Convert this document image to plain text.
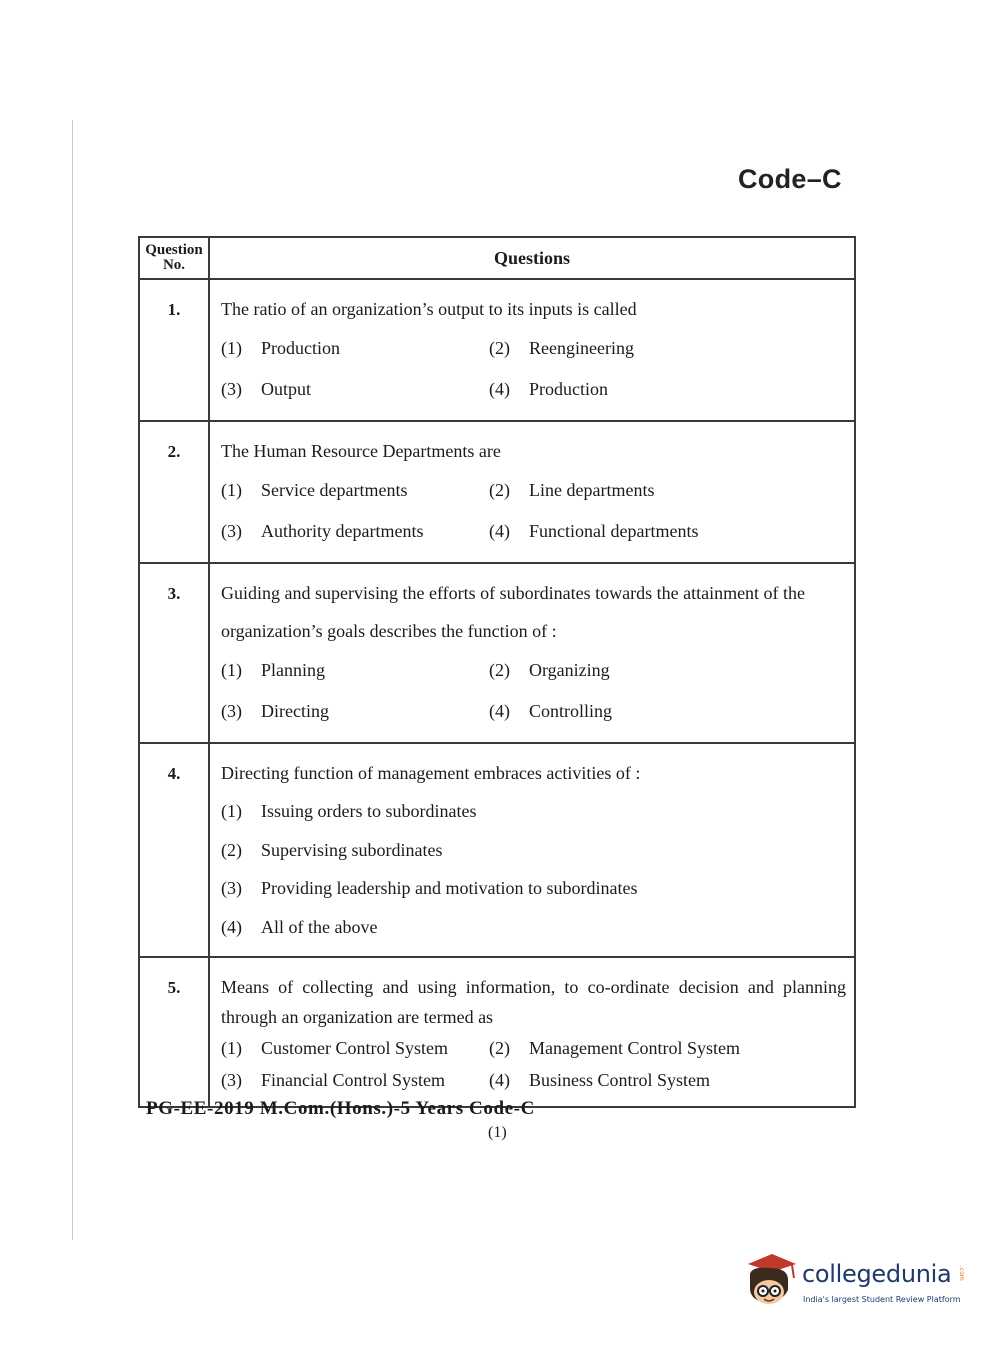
Code–C
Question No.	Questions
1.	The ratio of an organization’s output to its inputs is called
(1) Production (2) Reengineering
(3) Output (4) Production

2.	The Human Resource Departments are
(1) Service departments (2) Line departments
(3) Authority departments (4) Functional departments

3.	Guiding and supervising the efforts of subordinates towards the attainment of the organization’s goals describes the function of :
(1) Planning (2) Organizing
(3) Directing (4) Controlling

4.	Directing function of management embraces activities of :
(1) Issuing orders to subordinates
(2) Supervising subordinates
(3) Providing leadership and motivation to subordinates
(4) All of the above

5.	Means of collecting and using information, to co-ordinate decision and planning through an organization are termed as
(1) Customer Control System (2) Management Control System
(3) Financial Control System (4) Business Control System
PG-EE-2019 M.Com.(Hons.)-5 Years Code-C
(1)
collegedunia .com
India's largest Student Review Platform
